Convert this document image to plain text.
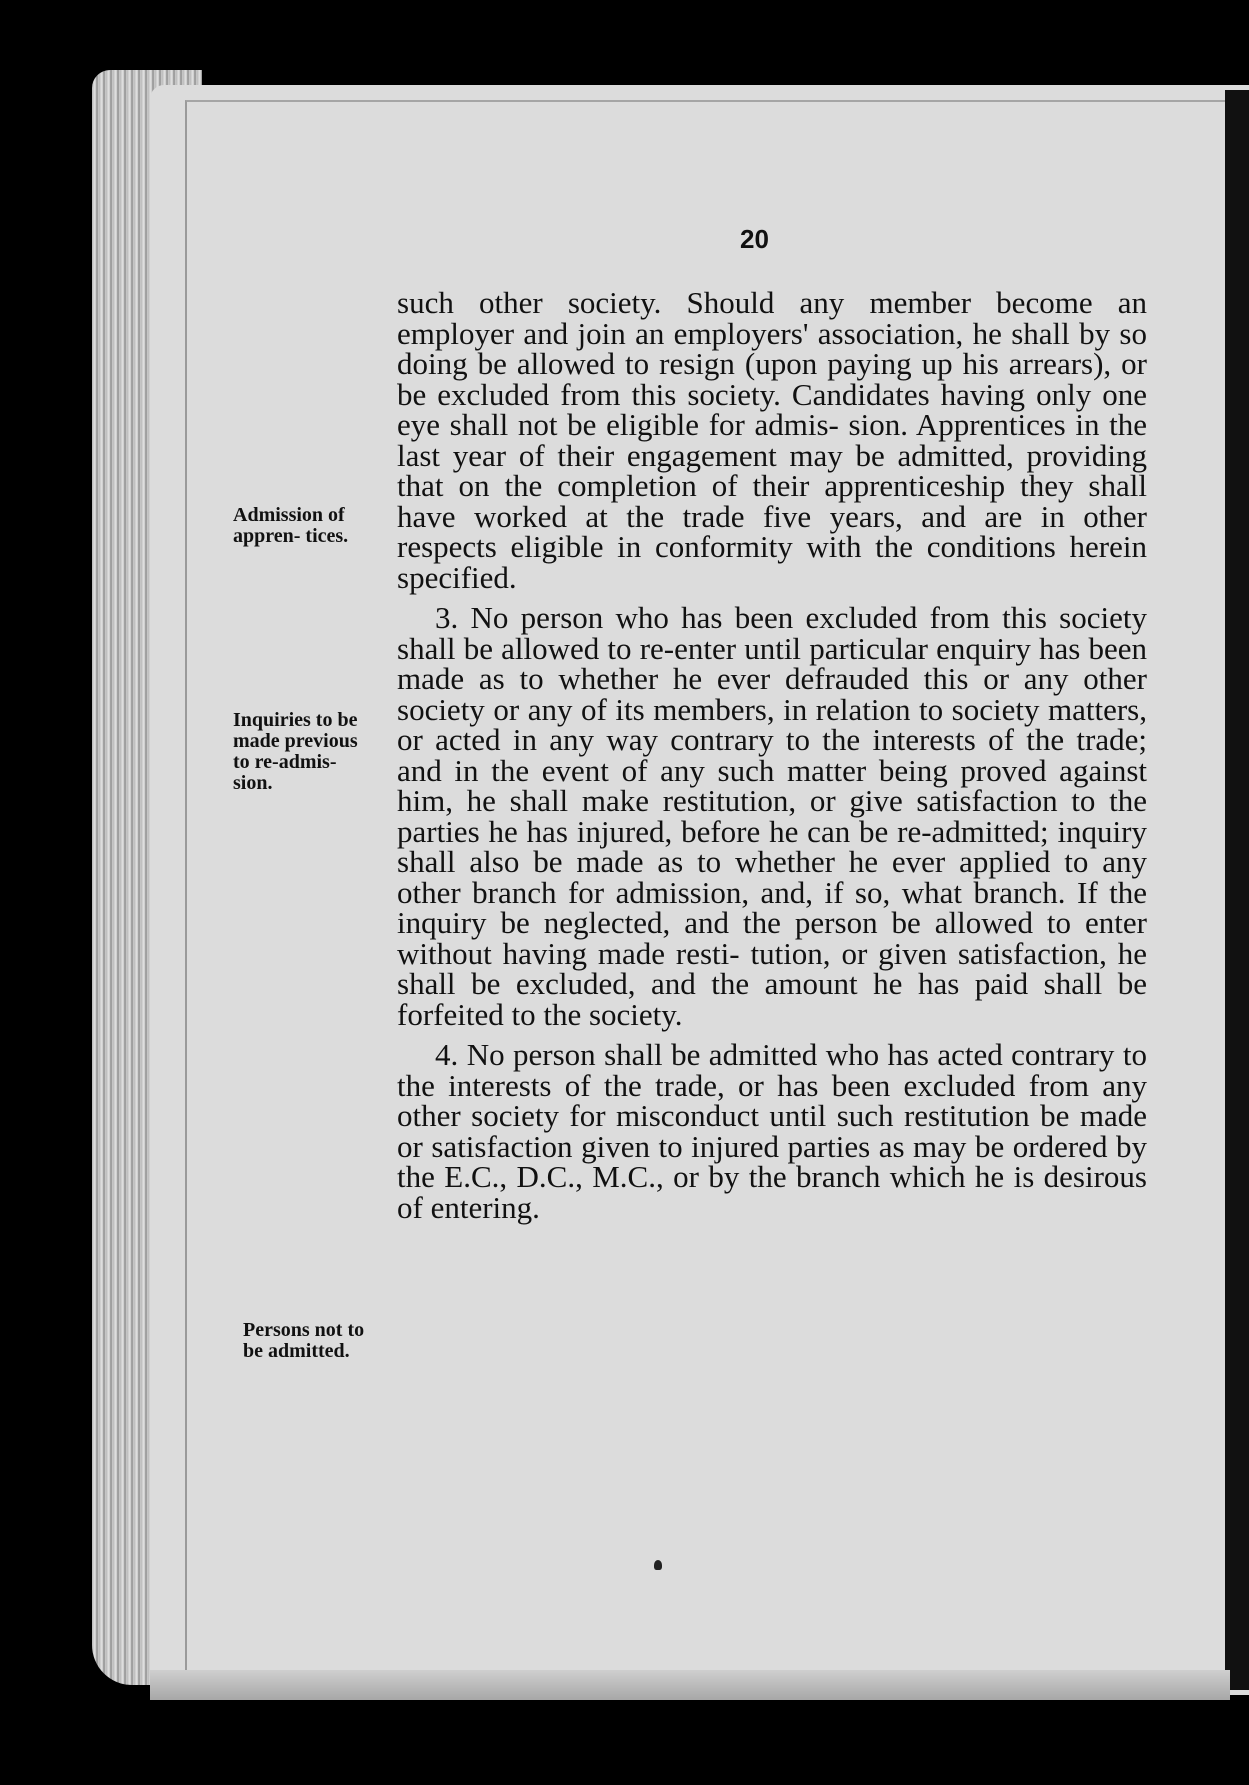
20
Admission of appren- tices.
Inquiries to be made previous to re-admis- sion.
Persons not to be admitted.

such other society. Should any member become an employer and join an employers' association, he shall by so doing be allowed to resign (upon paying up his arrears), or be excluded from this society. Candidates having only one eye shall not be eligible for admis- sion. Apprentices in the last year of their engagement may be admitted, providing that on the completion of their apprenticeship they shall have worked at the trade five years, and are in other respects eligible in conformity with the conditions herein specified.

3. No person who has been excluded from this society shall be allowed to re-enter until particular enquiry has been made as to whether he ever defrauded this or any other society or any of its members, in relation to society matters, or acted in any way contrary to the interests of the trade; and in the event of any such matter being proved against him, he shall make restitution, or give satisfaction to the parties he has injured, before he can be re-admitted; inquiry shall also be made as to whether he ever applied to any other branch for admission, and, if so, what branch. If the inquiry be neglected, and the person be allowed to enter without having made resti- tution, or given satisfaction, he shall be excluded, and the amount he has paid shall be forfeited to the society.

4. No person shall be admitted who has acted contrary to the interests of the trade, or has been excluded from any other society for misconduct until such restitution be made or satisfaction given to injured parties as may be ordered by the E.C., D.C., M.C., or by the branch which he is desirous of entering.
